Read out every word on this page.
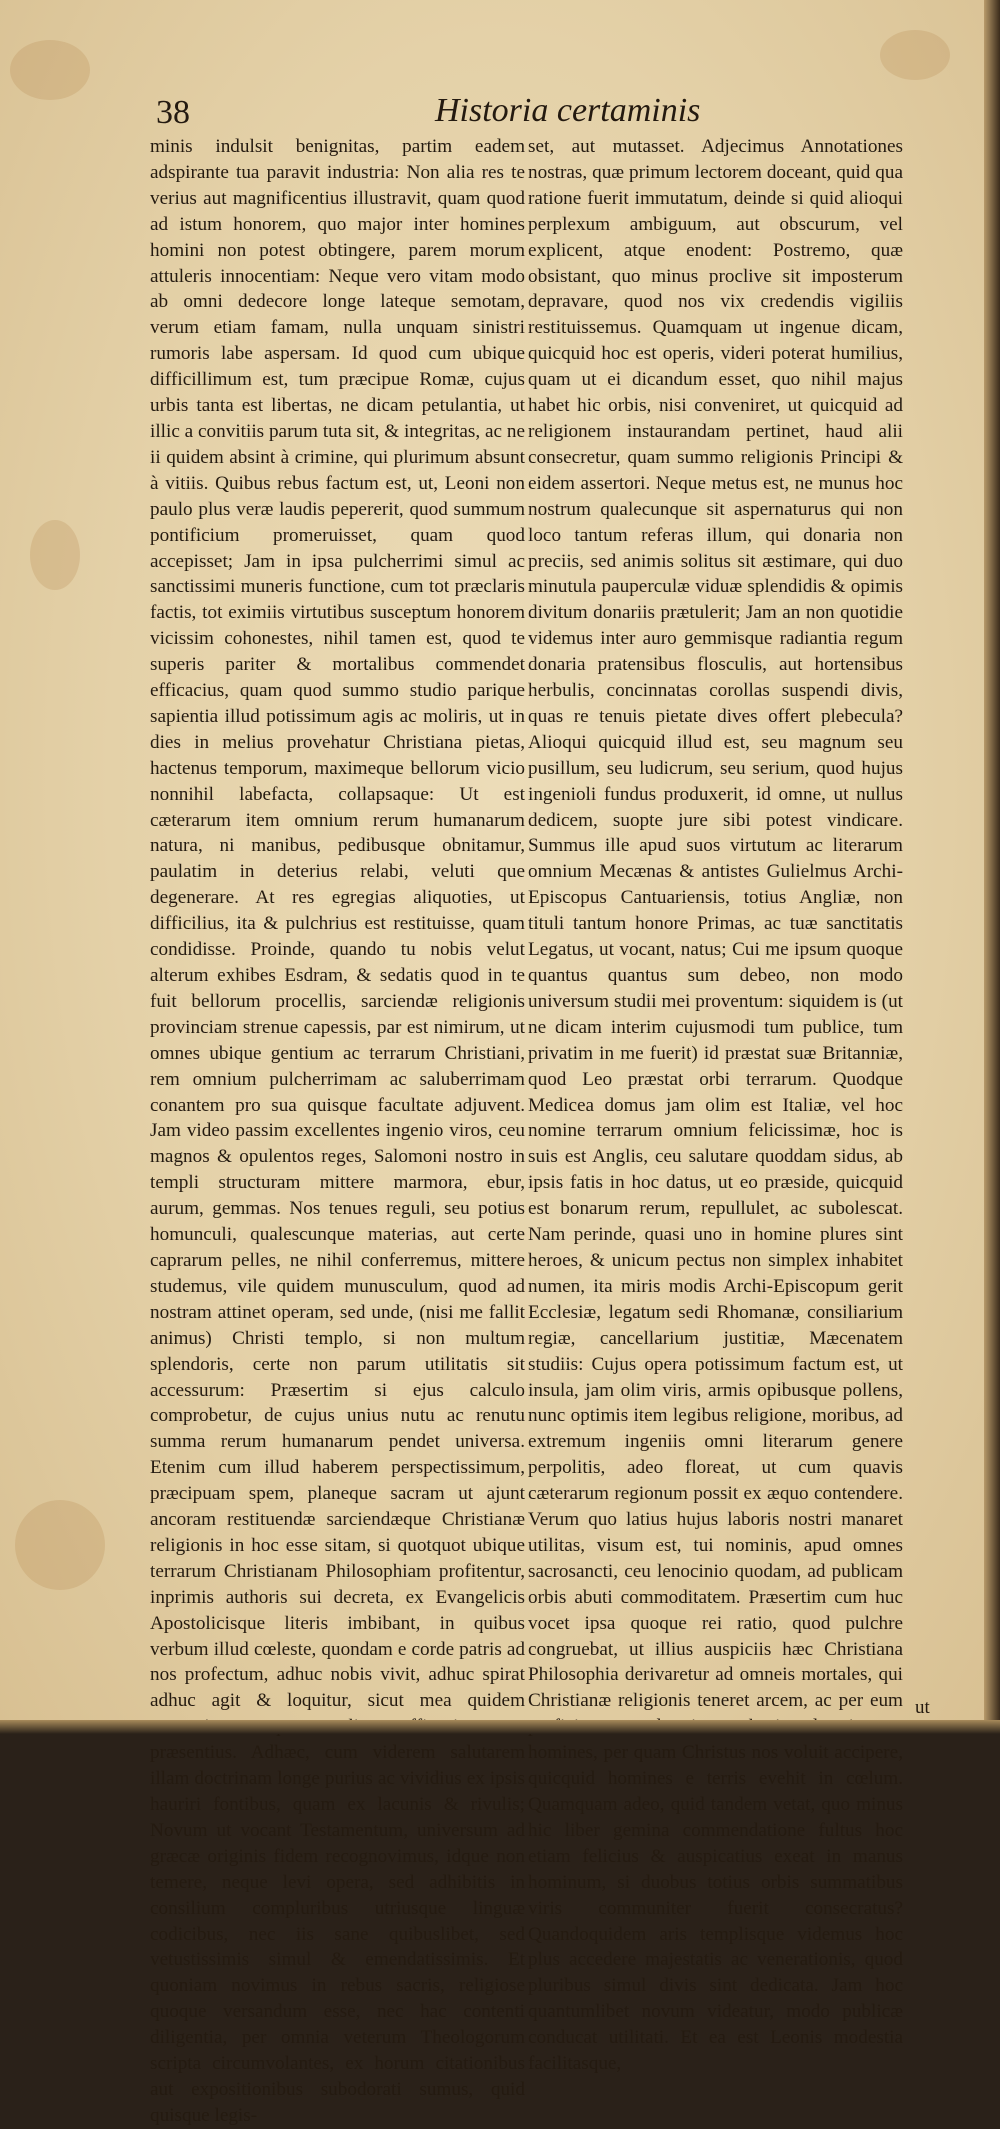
38	Historia certaminis

minis indulsit benignitas, partim eadem adspirante tua paravit industria: Non alia res te verius aut magnificentius illustravit, quam quod ad istum honorem, quo major inter homines homini non potest obtingere, parem morum attuleris innocentiam: Neque vero vitam modo ab omni dedecore longe lateque semotam, verum etiam famam, nulla unquam sinistri rumoris labe aspersam. Id quod cum ubique difficillimum est, tum præcipue Romæ, cujus urbis tanta est libertas, ne dicam petulantia, ut illic a convitiis parum tuta sit, & integritas, ac ne ii quidem absint à crimine, qui plurimum absunt à vitiis. Quibus rebus factum est, ut, Leoni non paulo plus veræ laudis pepererit, quod summum pontificium promeruisset, quam quod accepisset; Jam in ipsa pulcherrimi simul ac sanctissimi muneris functione, cum tot præclaris factis, tot eximiis virtutibus susceptum honorem vicissim cohonestes, nihil tamen est, quod te superis pariter & mortalibus commendet efficacius, quam quod summo studio parique sapientia illud potissimum agis ac moliris, ut in dies in melius provehatur Christiana pietas, hactenus temporum, maximeque bellorum vicio nonnihil labefacta, collapsaque: Ut est cæterarum item omnium rerum humanarum natura, ni manibus, pedibusque obnitamur, paulatim in deterius relabi, veluti que degenerare. At res egregias aliquoties, ut difficilius, ita & pulchrius est restituisse, quam condidisse. Proinde, quando tu nobis velut alterum exhibes Esdram, & sedatis quod in te fuit bellorum procellis, sarciendæ religionis provinciam strenue capessis, par est nimirum, ut omnes ubique gentium ac terrarum Christiani, rem omnium pulcherrimam ac saluberrimam conantem pro sua quisque facultate adjuvent. Jam video passim excellentes ingenio viros, ceu magnos & opulentos reges, Salomoni nostro in templi structuram mittere marmora, ebur, aurum, gemmas. Nos tenues reguli, seu potius homunculi, qualescunque materias, aut certe caprarum pelles, ne nihil conferremus, mittere studemus, vile quidem munusculum, quod ad nostram attinet operam, sed unde, (nisi me fallit animus) Christi templo, si non multum splendoris, certe non parum utilitatis sit accessurum: Præsertim si ejus calculo comprobetur, de cujus unius nutu ac renutu summa rerum humanarum pendet universa. Etenim cum illud haberem perspectissimum, præcipuam spem, planeque sacram ut ajunt ancoram restituendæ sarciendæque Christianæ religionis in hoc esse sitam, si quotquot ubique terrarum Christianam Philosophiam profitentur, inprimis authoris sui decreta, ex Evangelicis Apostolicisque literis imbibant, in quibus verbum illud cœleste, quondam e corde patris ad nos profectum, adhuc nobis vivit, adhuc spirat adhuc agit & loquitur, sicut mea quidem præsentius. Adhæc, cum viderem salutarem illam doctrinam longe purius ac vividius ex ipsis hauriri fontibus, quam ex lacunis & rivulis; Novum ut vocant Testamentum, universum ad græcæ originis fidem recognovimus, idque non temere, neque levi opera, sed adhibitis in consilium compluribus utriusque linguæ codicibus, nec iis sane quibuslibet, sed vetustissimis simul & emendatissimis. Et quoniam novimus in rebus sacris, religiose quoque versandum esse, nec hac contenti diligentia, per omnia veterum Theologorum scripta circumvolantes, ex horum citationibus aut expositionibus subodorati sumus, quid quisque legis-

set, aut mutasset. Adjecimus Annotationes nostras, quæ primum lectorem doceant, quid qua ratione fuerit immutatum, deinde si quid alioqui perplexum ambiguum, aut obscurum, vel explicent, atque enodent: Postremo, quæ obsistant, quo minus proclive sit imposterum depravare, quod nos vix credendis vigiliis restituissemus. Quamquam ut ingenue dicam, quicquid hoc est operis, videri poterat humilius, quam ut ei dicandum esset, quo nihil majus habet hic orbis, nisi conveniret, ut quicquid ad religionem instaurandam pertinet, haud alii consecretur, quam summo religionis Principi & eidem assertori. Neque metus est, ne munus hoc nostrum qualecunque sit aspernaturus qui non loco tantum referas illum, qui donaria non preciis, sed animis solitus sit æstimare, qui duo minutula pauperculæ viduæ splendidis & opimis divitum donariis prætulerit; Jam an non quotidie videmus inter auro gemmisque radiantia regum donaria pratensibus flosculis, aut hortensibus herbulis, concinnatas corollas suspendi divis, quas re tenuis pietate dives offert plebecula? Alioqui quicquid illud est, seu magnum seu pusillum, seu ludicrum, seu serium, quod hujus ingenioli fundus produxerit, id omne, ut nullus dedicem, suopte jure sibi potest vindicare. Summus ille apud suos virtutum ac literarum omnium Mecænas & antistes Gulielmus Archi-Episcopus Cantuariensis, totius Angliæ, non tituli tantum honore Primas, ac tuæ sanctitatis Legatus, ut vocant, natus; Cui me ipsum quoque quantus quantus sum debeo, non modo universum studii mei proventum: siquidem is (ut ne dicam interim cujusmodi tum publice, tum privatim in me fuerit) id præstat suæ Britanniæ, quod Leo præstat orbi terrarum. Quodque Medicea domus jam olim est Italiæ, vel hoc nomine terrarum omnium felicissimæ, hoc is suis est Anglis, ceu salutare quoddam sidus, ab ipsis fatis in hoc datus, ut eo præside, quicquid est bonarum rerum, repullulet, ac subolescat. Nam perinde, quasi uno in homine plures sint heroes, & unicum pectus non simplex inhabitet numen, ita miris modis Archi-Episcopum gerit Ecclesiæ, legatum sedi Rhomanæ, consiliarium regiæ, cancellarium justitiæ, Mæcenatem studiis: Cujus opera potissimum factum est, ut insula, jam olim viris, armis opibusque pollens, nunc optimis item legibus religione, moribus, ad extremum ingeniis omni literarum genere perpolitis, adeo floreat, ut cum quavis cæterarum regionum possit ex æquo contendere. Verum quo latius hujus laboris nostri manaret utilitas, visum est, tui nominis, apud omnes sacrosancti, ceu lenocinio quodam, ad publicam orbis abuti commoditatem. Præsertim cum huc vocet ipsa quoque rei ratio, quod pulchre congruebat, ut illius auspiciis hæc Christiana Philosophia derivaretur ad omneis mortales, qui Christianæ religionis teneret arcem, ac per eum homines, per quam Christus nos voluit accipere, quicquid homines e terris evehit in cœlum. Quamquam adeo, quid tandem vetat, quo minus hic liber gemina commendatione fultus hoc etiam felicius & auspicatius exeat in manus hominum, si duobus totius orbis summatibus viris communiter fuerit consecratus? Quandoquidem aris templisque videmus hoc plus accedere majestatis ac venerationis, quod pluribus simul divis sint dedicata. Jam hoc quantumlibet novum videatur, modo publicæ conducat utilitati. Et ea est Leonis modestia facilitasque,

ut
